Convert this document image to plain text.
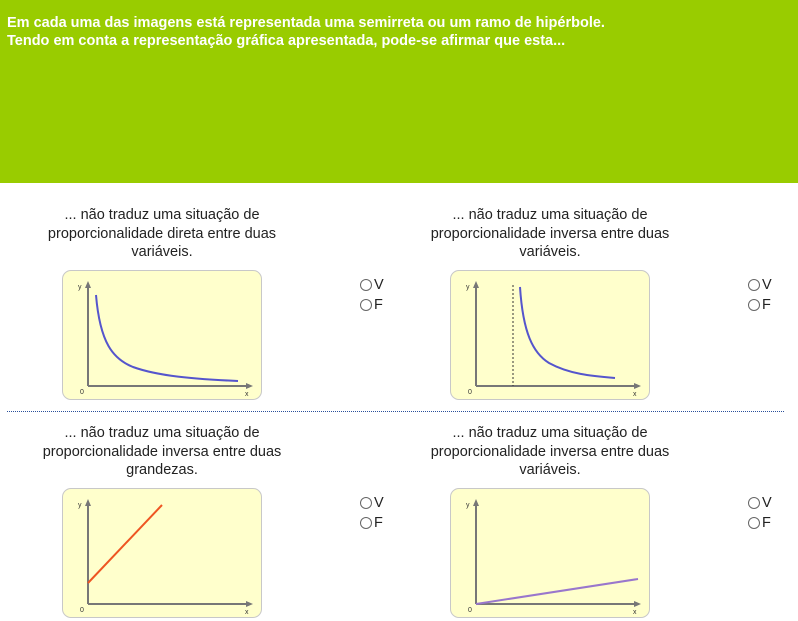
Em cada uma das imagens está representada uma semirreta ou um ramo de hipérbole.

Tendo em conta a representação gráfica apresentada, pode-se afirmar que esta...

... não traduz uma situação de proporcionalidade direta entre duas variáveis.
y
x
0
V
F
... não traduz uma situação de proporcionalidade inversa entre duas variáveis.
y
x
0
V
F
... não traduz uma situação de proporcionalidade inversa entre duas grandezas.
y
x
0
V
F
... não traduz uma situação de proporcionalidade inversa entre duas variáveis.
y
x
0
V
F
